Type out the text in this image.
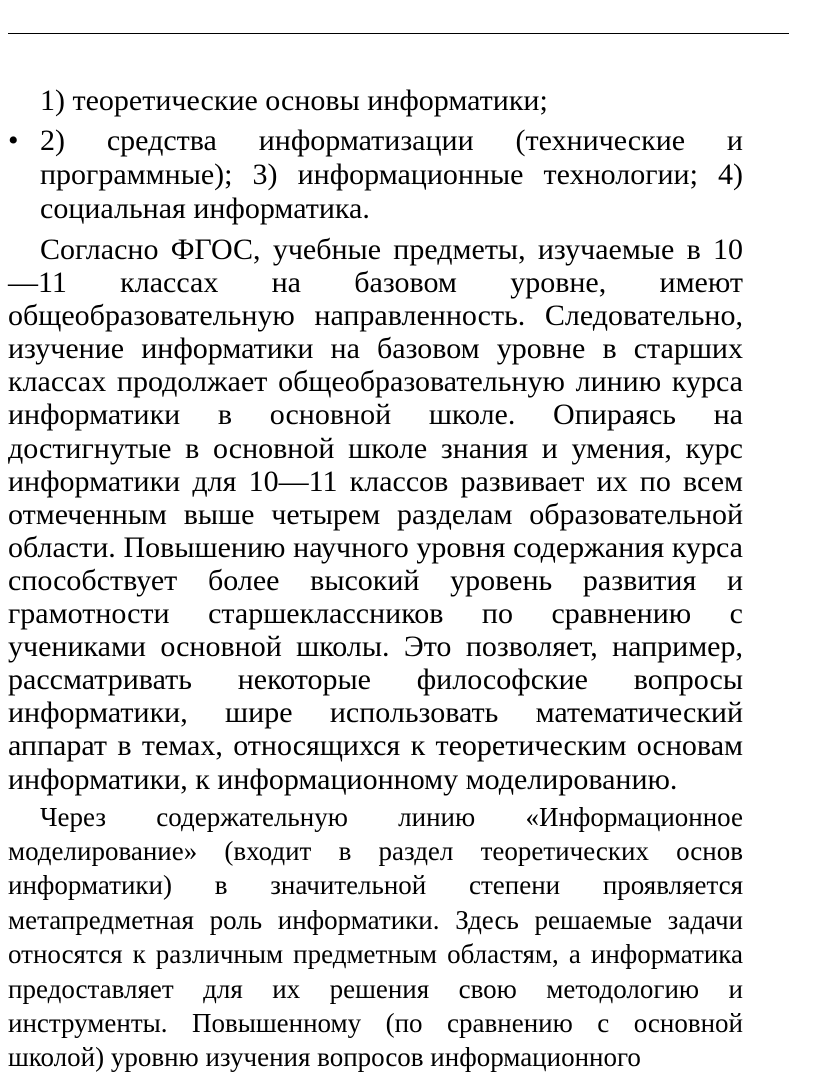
1) теоретические основы информатики;

• 2) средства информатизации (технические и программные); 3) информационные технологии; 4) социальная информатика.

Согласно ФГОС, учебные предметы, изучаемые в 10—11 классах на базовом уровне, имеют общеобразовательную направленность. Следовательно, изучение информатики на базовом уровне в старших классах продолжает общеобразовательную линию курса информатики в основной школе. Опираясь на достигнутые в основной школе знания и умения, курс информатики для 10—11 классов развивает их по всем отмеченным выше четырем разделам образовательной области. Повышению научного уровня содержания курса способствует более высокий уровень развития и грамотности старшеклассников по сравнению с учениками основной школы. Это позволяет, например, рассматривать некоторые философские вопросы информатики, шире использовать математический аппарат в темах, относящихся к теоретическим основам информатики, к информационному моделированию.

Через содержательную линию «Информационное моделирование» (входит в раздел теоретических основ информатики) в значительной степени проявляется метапредметная роль информатики. Здесь решаемые задачи относятся к различным предметным областям, а информатика предоставляет для их решения свою методологию и инструменты. Повышенному (по сравнению с основной школой) уровню изучения вопросов информационного
